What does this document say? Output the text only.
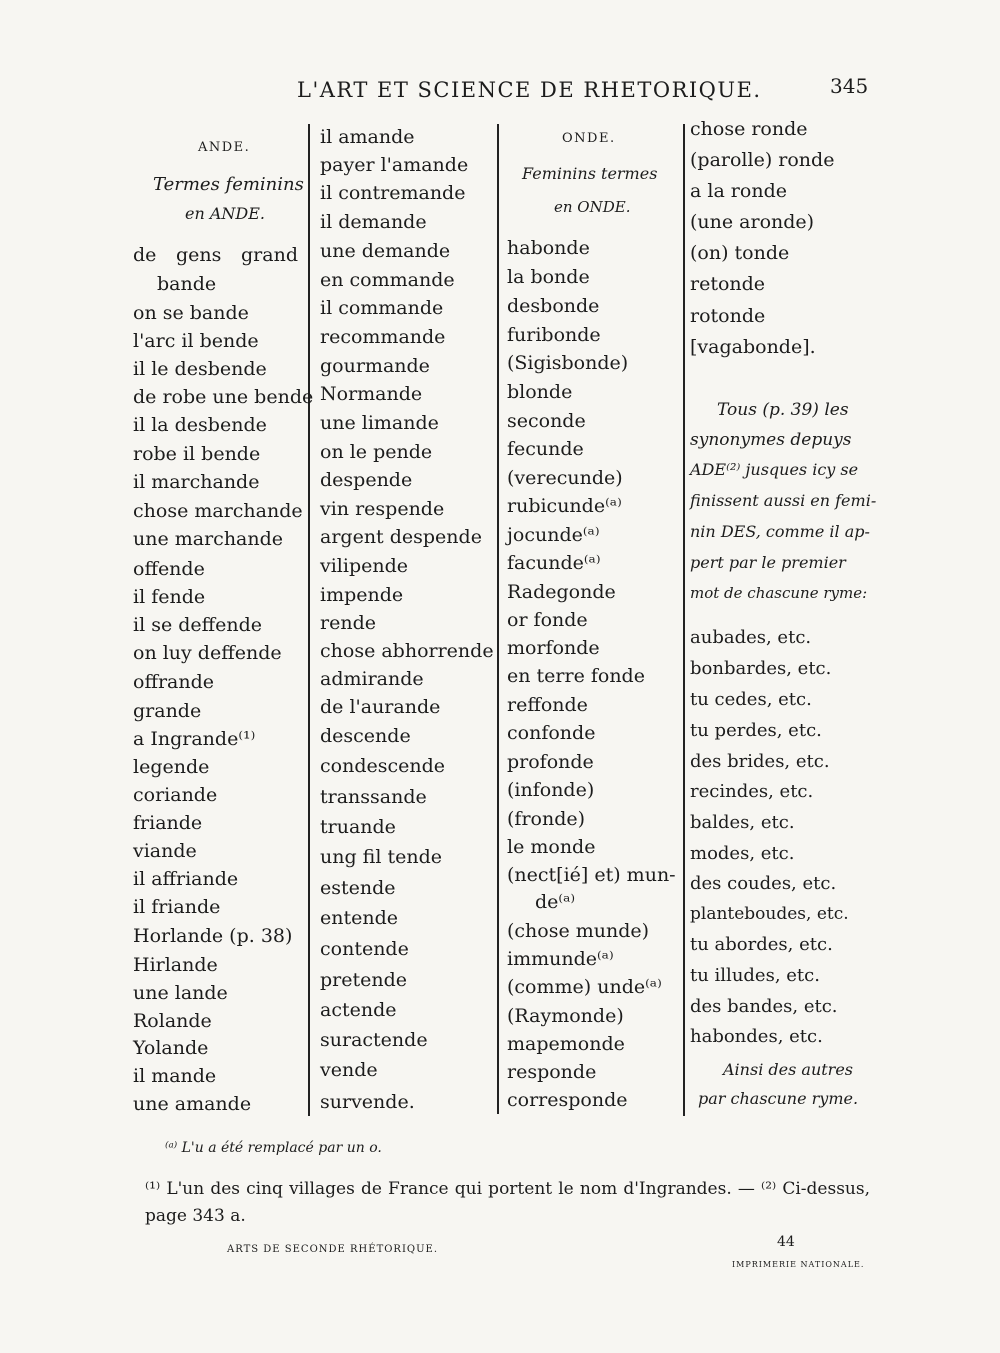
L'ART ET SCIENCE DE RHETORIQUE.	345
ANDE.
Termes feminins
en ANDE.
de gens grand
bande
on se bande
l'arc il bende
il le desbende
de robe une bende
il la desbende
robe il bende
il marchande
chose marchande
une marchande
offende
il fende
il se deffende
on luy deffende
offrande
grande
a Ingrande⁽¹⁾
legende
coriande
friande
viande
il affriande
il friande
Horlande (p. 38)
Hirlande
une lande
Rolande
Yolande
il mande
une amande
il amande
payer l'amande
il contremande
il demande
une demande
en commande
il commande
recommande
gourmande
Normande
une limande
on le pende
despende
vin respende
argent despende
vilipende
impende
rende
chose abhorrende
admirande
de l'aurande
descende
condescende
transsande
truande
ung fil tende
estende
entende
contende
pretende
actende
suractende
vende
survende.
ONDE.
Feminins termes
en ONDE.
habonde
la bonde
desbonde
furibonde
(Sigisbonde)
blonde
seconde
fecunde
(verecunde)
rubicunde⁽ᵃ⁾
jocunde⁽ᵃ⁾
facunde⁽ᵃ⁾
Radegonde
or fonde
morfonde
en terre fonde
reffonde
confonde
profonde
(infonde)
(fronde)
le monde
(nect[ié] et) mun-
de⁽ᵃ⁾
(chose munde)
immunde⁽ᵃ⁾
(comme) unde⁽ᵃ⁾
(Raymonde)
mapemonde
responde
corresponde
chose ronde
(parolle) ronde
a la ronde
(une aronde)
(on) tonde
retonde
rotonde
[vagabonde].
Tous (p. 39) les
synonymes depuys
ADE⁽²⁾ jusques icy se
finissent aussi en femi-
nin DES, comme il ap-
pert par le premier
mot de chascune ryme:
aubades, etc.
bonbardes, etc.
tu cedes, etc.
tu perdes, etc.
des brides, etc.
recindes, etc.
baldes, etc.
modes, etc.
des coudes, etc.
planteboudes, etc.
tu abordes, etc.
tu illudes, etc.
des bandes, etc.
habondes, etc.
Ainsi des autres
par chascune ryme.
⁽ᵃ⁾ L'u a été remplacé par un o.
⁽¹⁾ L'un des cinq villages de France qui portent le nom d'Ingrandes. — ⁽²⁾ Ci-dessus, page 343 a.
ARTS DE SECONDE RHÉTORIQUE.	44
IMPRIMERIE NATIONALE.
